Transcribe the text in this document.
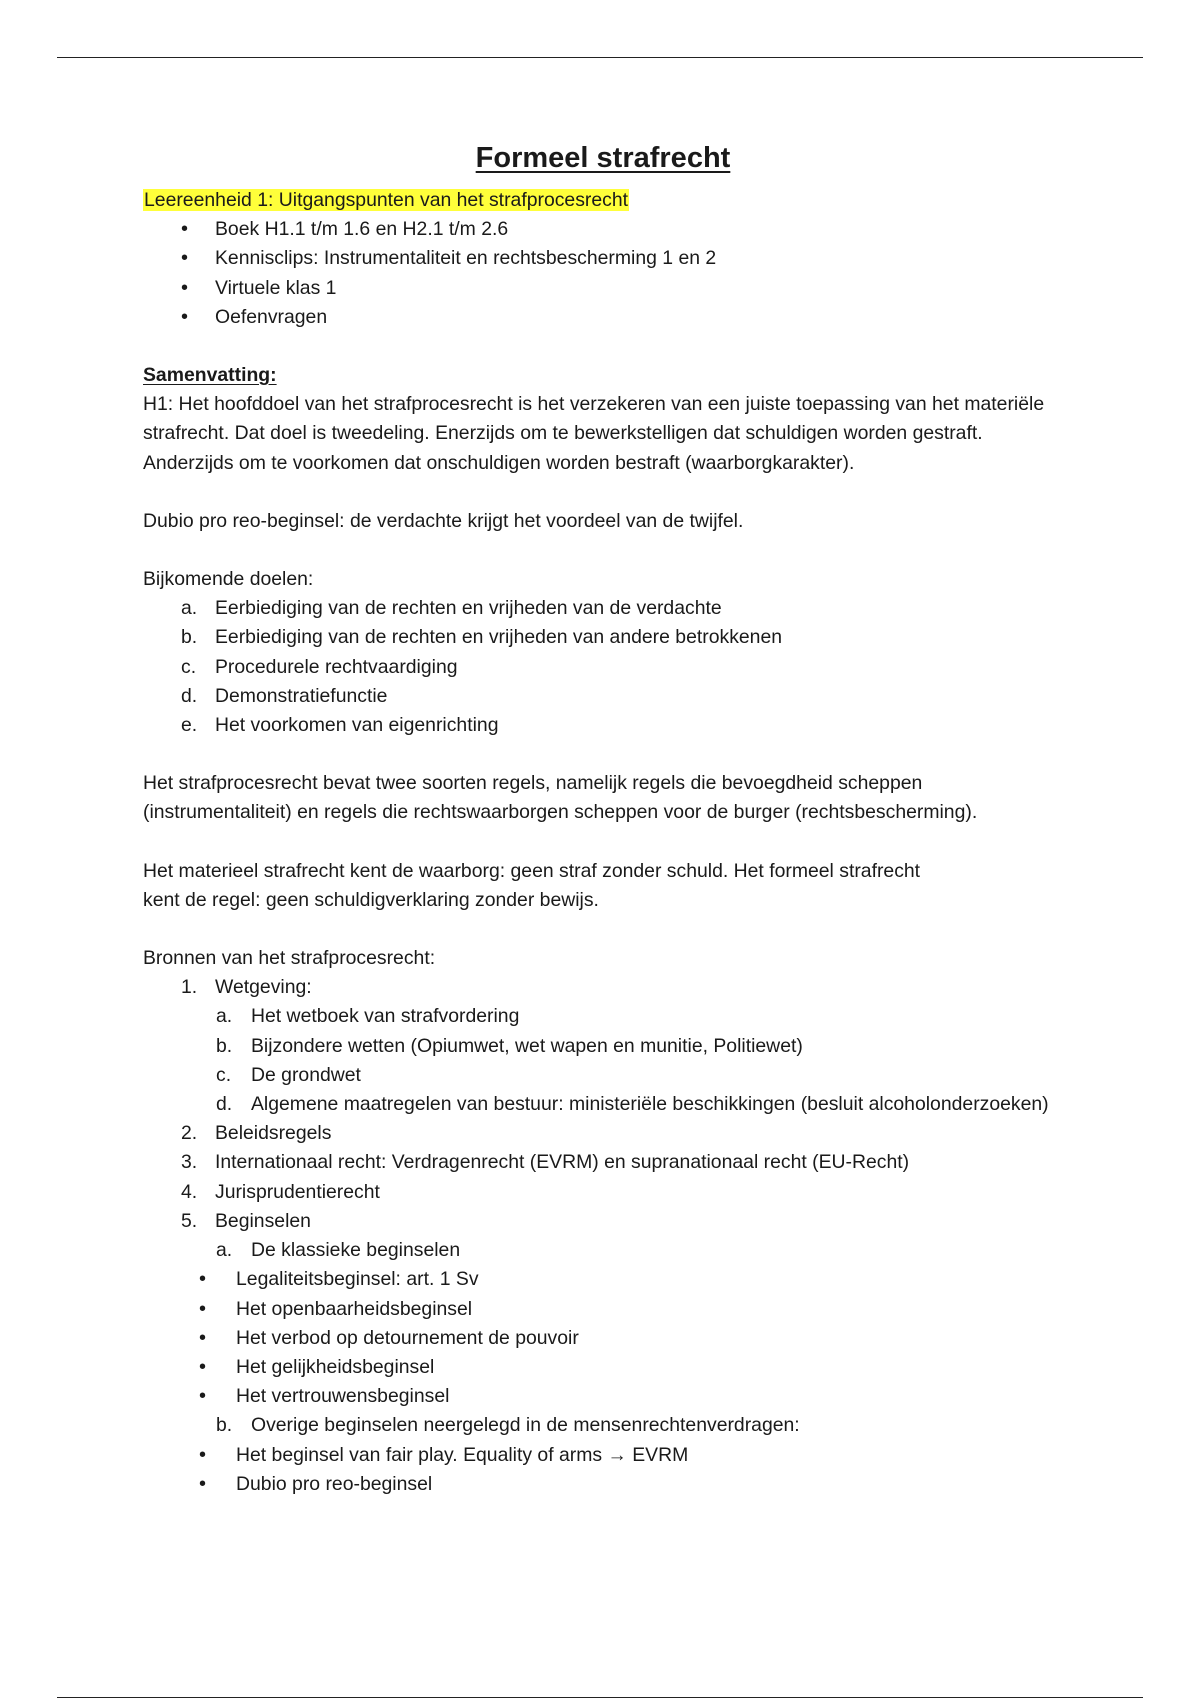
Formeel strafrecht

Leereenheid 1: Uitgangspunten van het strafprocesrecht

• Boek H1.1 t/m 1.6 en H2.1 t/m 2.6
• Kennisclips: Instrumentaliteit en rechtsbescherming 1 en 2
• Virtuele klas 1
• Oefenvragen

Samenvatting:

H1: Het hoofddoel van het strafprocesrecht is het verzekeren van een juiste toepassing van het materiële strafrecht. Dat doel is tweedeling. Enerzijds om te bewerkstelligen dat schuldigen worden gestraft. Anderzijds om te voorkomen dat onschuldigen worden bestraft (waarborgkarakter).

Dubio pro reo-beginsel: de verdachte krijgt het voordeel van de twijfel.

Bijkomende doelen:

a. Eerbiediging van de rechten en vrijheden van de verdachte
b. Eerbiediging van de rechten en vrijheden van andere betrokkenen
c. Procedurele rechtvaardiging
d. Demonstratiefunctie
e. Het voorkomen van eigenrichting

Het strafprocesrecht bevat twee soorten regels, namelijk regels die bevoegdheid scheppen (instrumentaliteit) en regels die rechtswaarborgen scheppen voor de burger (rechtsbescherming).

Het materieel strafrecht kent de waarborg: geen straf zonder schuld. Het formeel strafrecht
kent de regel: geen schuldigverklaring zonder bewijs.

Bronnen van het strafprocesrecht:

1. Wetgeving:
a. Het wetboek van strafvordering
b. Bijzondere wetten (Opiumwet, wet wapen en munitie, Politiewet)
c. De grondwet
d. Algemene maatregelen van bestuur: ministeriële beschikkingen (besluit alcoholonderzoeken)
2. Beleidsregels
3. Internationaal recht: Verdragenrecht (EVRM) en supranationaal recht (EU-Recht)
4. Jurisprudentierecht
5. Beginselen
a. De klassieke beginselen
• Legaliteitsbeginsel: art. 1 Sv
• Het openbaarheidsbeginsel
• Het verbod op detournement de pouvoir
• Het gelijkheidsbeginsel
• Het vertrouwensbeginsel
b. Overige beginselen neergelegd in de mensenrechtenverdragen:
• Het beginsel van fair play. Equality of arms → EVRM
• Dubio pro reo-beginsel
